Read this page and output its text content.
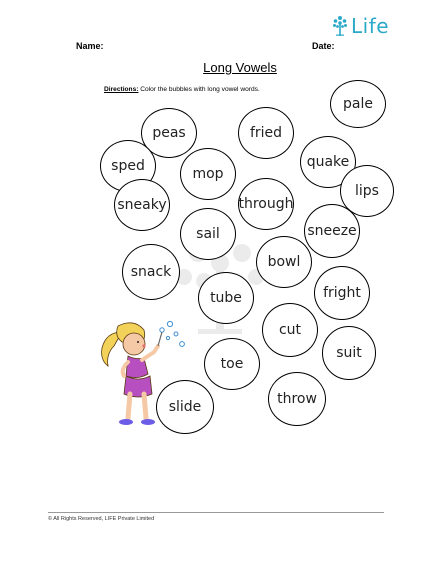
Life
Name:	Date:
Long Vowels
Directions: Color the bubbles with long vowel words.
pale
peas	fried
sped	mop
quake
lips
sneaky	through
sail	sneeze
bowl
snack
fright
tube
cut
suit
toe
slide	throw
© All Rights Reserved, LIFE Private Limited
